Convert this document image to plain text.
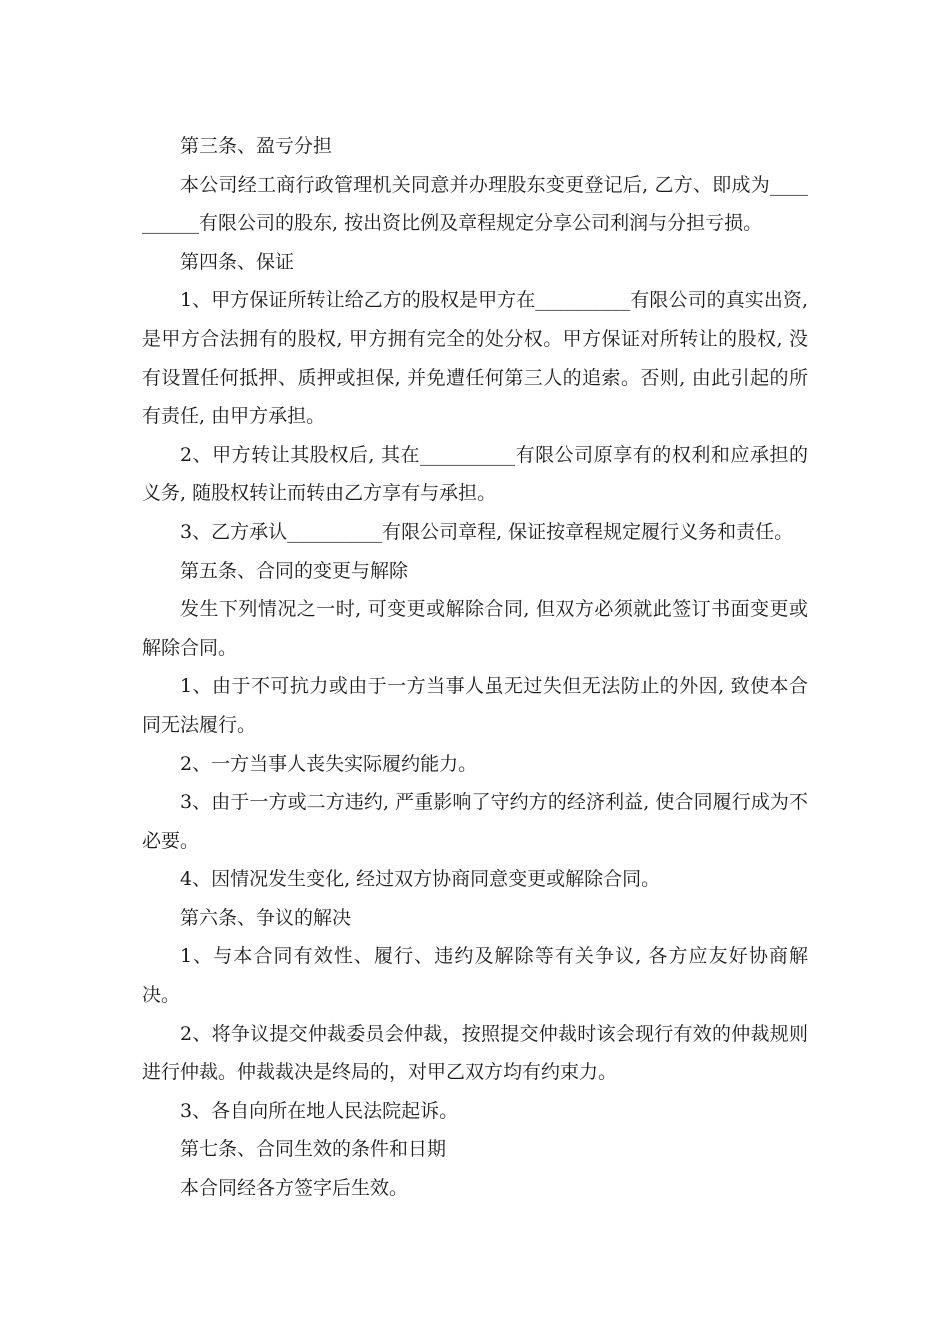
第三条、盈亏分担

本公司经工商行政管理机关同意并办理股东变更登记后, 乙方、即成为__________有限公司的股东, 按出资比例及章程规定分享公司利润与分担亏损。

第四条、保证

1、甲方保证所转让给乙方的股权是甲方在__________有限公司的真实出资, 是甲方合法拥有的股权, 甲方拥有完全的处分权。甲方保证对所转让的股权, 没有设置任何抵押、质押或担保, 并免遭任何第三人的追索。否则, 由此引起的所有责任, 由甲方承担。

2、甲方转让其股权后, 其在__________有限公司原享有的权利和应承担的义务, 随股权转让而转由乙方享有与承担。

3、乙方承认__________有限公司章程, 保证按章程规定履行义务和责任。

第五条、合同的变更与解除

发生下列情况之一时, 可变更或解除合同, 但双方必须就此签订书面变更或解除合同。

1、由于不可抗力或由于一方当事人虽无过失但无法防止的外因, 致使本合同无法履行。

2、一方当事人丧失实际履约能力。

3、由于一方或二方违约, 严重影响了守约方的经济利益, 使合同履行成为不必要。

4、因情况发生变化, 经过双方协商同意变更或解除合同。

第六条、争议的解决

1、与本合同有效性、履行、违约及解除等有关争议, 各方应友好协商解决。

2、将争议提交仲裁委员会仲裁，按照提交仲裁时该会现行有效的仲裁规则进行仲裁。仲裁裁决是终局的，对甲乙双方均有约束力。

3、各自向所在地人民法院起诉。

第七条、合同生效的条件和日期

本合同经各方签字后生效。
